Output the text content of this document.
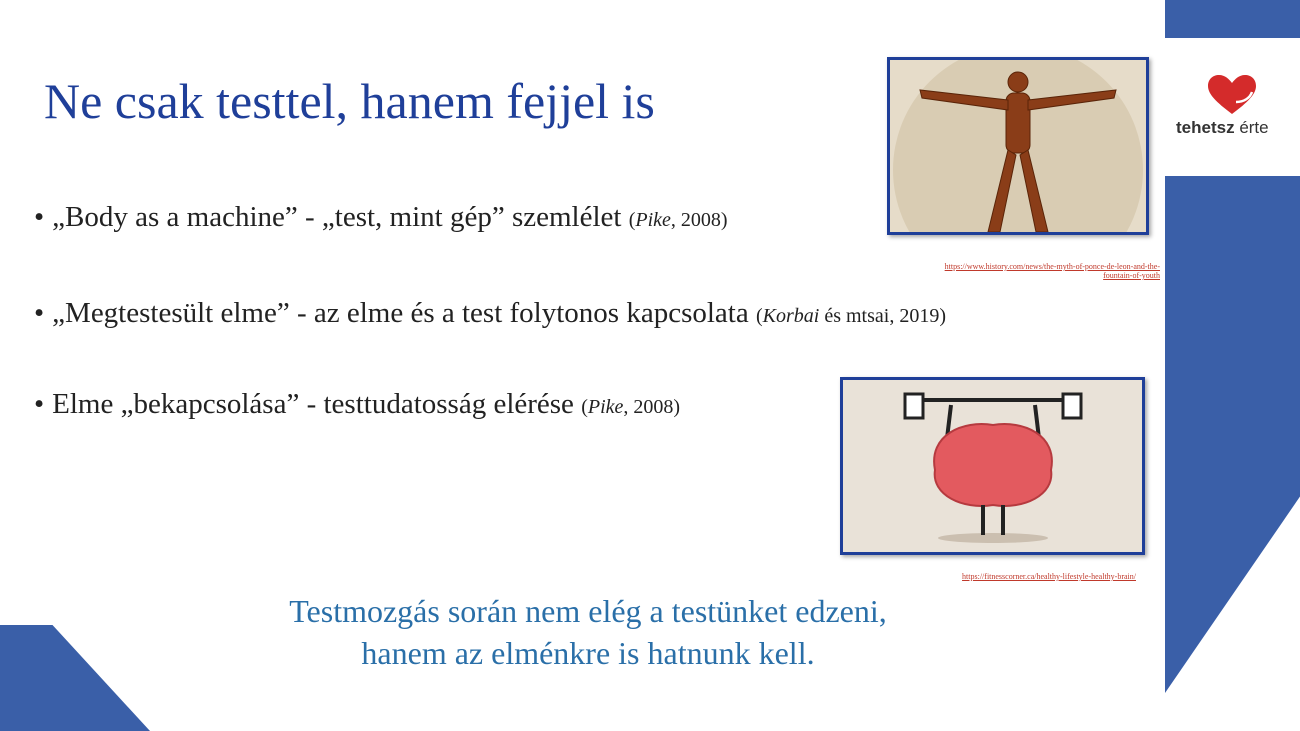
tehetsz érte
Ne csak testtel, hanem fejjel is
• „Body as a machine” - „test, mint gép” szemlélet (Pike, 2008)
• „Megtestesült elme” - az elme és a test folytonos kapcsolata (Korbai és mtsai, 2019)
• Elme „bekapcsolása” - testtudatosság elérése (Pike, 2008)
https://www.history.com/news/the-myth-of-ponce-de-leon-and-the-
fountain-of-youth
https://fitnesscorner.ca/healthy-lifestyle-healthy-brain/
Testmozgás során nem elég a testünket edzeni,
hanem az elménkre is hatnunk kell.
